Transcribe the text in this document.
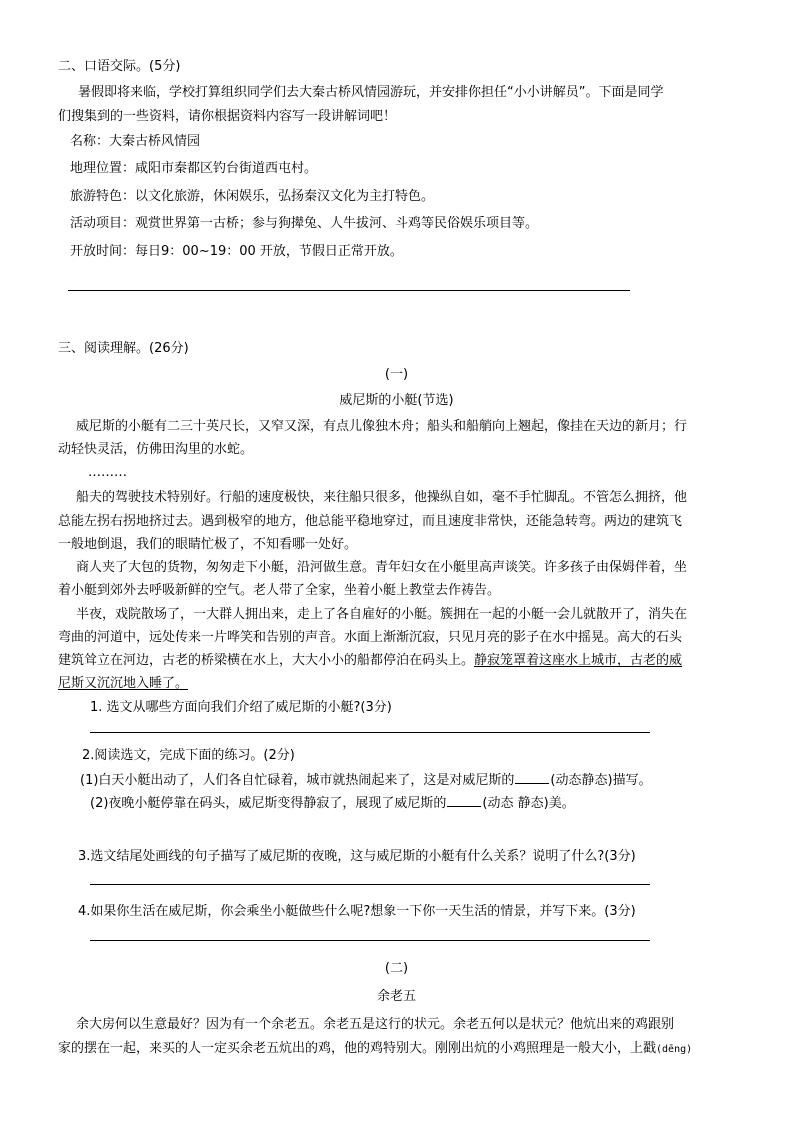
二、口语交际。(5分)
暑假即将来临，学校打算组织同学们去大秦古桥风情园游玩，并安排你担任“小小讲解员”。下面是同学
们搜集到的一些资料，请你根据资料内容写一段讲解词吧！
名称：大秦古桥风情园
地理位置：咸阳市秦都区钓台街道西屯村。
旅游特色：以文化旅游，休闲娱乐，弘扬秦汉文化为主打特色。
活动项目：观赏世界第一古桥；参与狗撵兔、人牛拔河、斗鸡等民俗娱乐项目等。
开放时间：每日9：00~19：00 开放，节假日正常开放。
三、阅读理解。(26分)
(一)
威尼斯的小艇(节选)
威尼斯的小艇有二三十英尺长，又窄又深，有点儿像独木舟；船头和船艄向上翘起，像挂在天边的新月；行
动轻快灵活，仿佛田沟里的水蛇。
………
船夫的驾驶技术特别好。行船的速度极快，来往船只很多，他操纵自如，毫不手忙脚乱。不管怎么拥挤，他
总能左拐右拐地挤过去。遇到极窄的地方，他总能平稳地穿过，而且速度非常快，还能急转弯。两边的建筑飞
一般地倒退，我们的眼睛忙极了，不知看哪一处好。
商人夹了大包的货物，匆匆走下小艇，沿河做生意。青年妇女在小艇里高声谈笑。许多孩子由保姆伴着，坐
着小艇到郊外去呼吸新鲜的空气。老人带了全家，坐着小艇上教堂去作祷告。
半夜，戏院散场了，一大群人拥出来，走上了各自雇好的小艇。簇拥在一起的小艇一会儿就散开了，消失在
弯曲的河道中，远处传来一片哗笑和告别的声音。水面上渐渐沉寂，只见月亮的影子在水中摇晃。高大的石头
建筑耸立在河边，古老的桥梁横在水上，大大小小的船都停泊在码头上。静寂笼罩着这座水上城市，古老的威
尼斯又沉沉地入睡了。
1. 选文从哪些方面向我们介绍了威尼斯的小艇?(3分)
2.阅读选文，完成下面的练习。(2分)
(1)白天小艇出动了，人们各自忙碌着，城市就热闹起来了，这是对威尼斯的	(动态静态)描写。
(2)夜晚小艇停靠在码头，威尼斯变得静寂了，展现了威尼斯的	(动态 静态)美。
3.选文结尾处画线的句子描写了威尼斯的夜晚，这与威尼斯的小艇有什么关系？说明了什么?(3分)
4.如果你生活在威尼斯，你会乘坐小艇做些什么呢?想象一下你一天生活的情景，并写下来。(3分)
(二)
余老五
余大房何以生意最好？因为有一个余老五。余老五是这行的状元。余老五何以是状元？他炕出来的鸡跟别
家的摆在一起，来买的人一定买余老五炕出的鸡，他的鸡特别大。刚刚出炕的小鸡照理是一般大小，上戳(dēng)
